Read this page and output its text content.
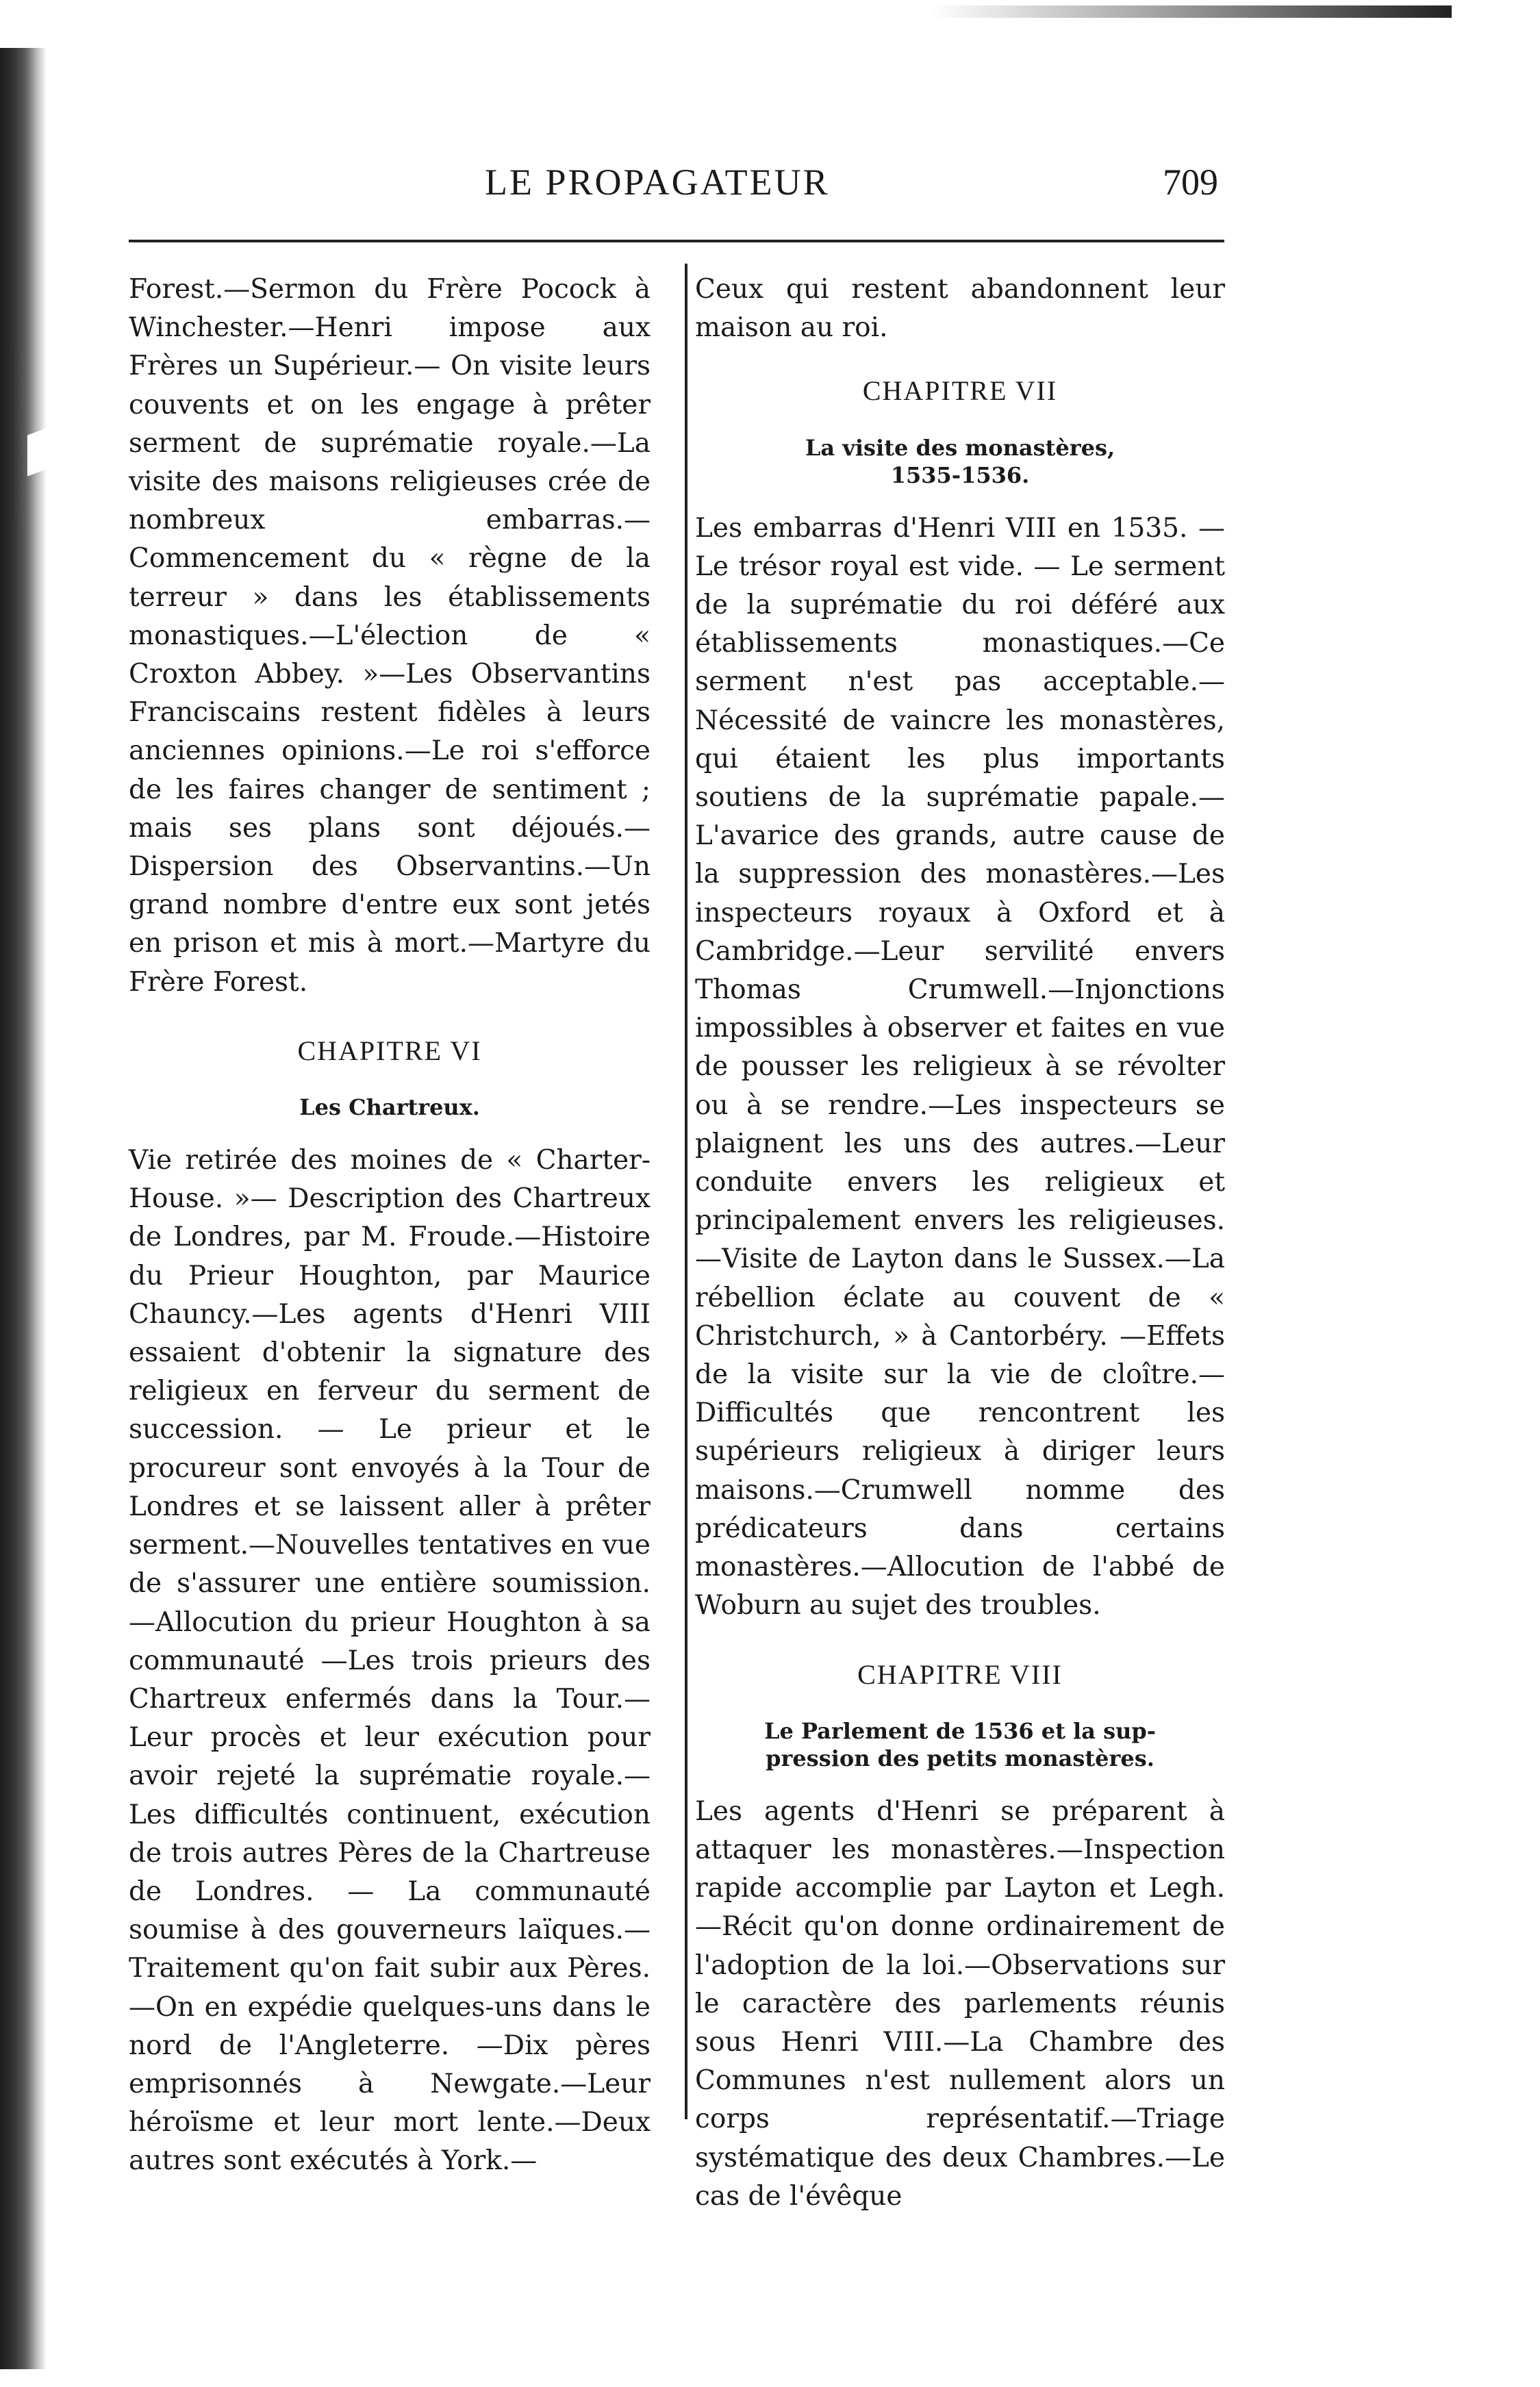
LE PROPAGATEUR	709

Forest.—Sermon du Frère Pocock à Winchester.—Henri impose aux Frères un Supérieur.— On visite leurs couvents et on les engage à prêter serment de suprématie royale.—La visite des maisons religieuses crée de nombreux embarras.—Commencement du « règne de la terreur » dans les établissements monastiques.—L'élection de « Croxton Abbey. »—Les Observantins Franciscains restent fidèles à leurs anciennes opinions.—Le roi s'efforce de les faires changer de sentiment ; mais ses plans sont déjoués.— Dispersion des Observantins.—Un grand nombre d'entre eux sont jetés en prison et mis à mort.—Martyre du Frère Forest.

CHAPITRE VI
Les Chartreux.

Vie retirée des moines de « Charter-House. »— Description des Chartreux de Londres, par M. Froude.—Histoire du Prieur Houghton, par Maurice Chauncy.—Les agents d'Henri VIII essaient d'obtenir la signature des religieux en ferveur du serment de succession. — Le prieur et le procureur sont envoyés à la Tour de Londres et se laissent aller à prêter serment.—Nouvelles tentatives en vue de s'assurer une entière soumission.—Allocution du prieur Houghton à sa communauté —Les trois prieurs des Chartreux enfermés dans la Tour.—Leur procès et leur exécution pour avoir rejeté la suprématie royale.—Les difficultés continuent, exécution de trois autres Pères de la Chartreuse de Londres. — La communauté soumise à des gouverneurs laïques.—Traitement qu'on fait subir aux Pères.—On en expédie quelques-uns dans le nord de l'Angleterre. —Dix pères emprisonnés à Newgate.—Leur héroïsme et leur mort lente.—Deux autres sont exécutés à York.—

Ceux qui restent abandonnent leur maison au roi.

CHAPITRE VII
La visite des monastères,
1535-1536.

Les embarras d'Henri VIII en 1535. —Le trésor royal est vide. — Le serment de la suprématie du roi déféré aux établissements monastiques.—Ce serment n'est pas acceptable.—Nécessité de vaincre les monastères, qui étaient les plus importants soutiens de la suprématie papale.—L'avarice des grands, autre cause de la suppression des monastères.—Les inspecteurs royaux à Oxford et à Cambridge.—Leur servilité envers Thomas Crumwell.—Injonctions impossibles à observer et faites en vue de pousser les religieux à se révolter ou à se rendre.—Les inspecteurs se plaignent les uns des autres.—Leur conduite envers les religieux et principalement envers les religieuses.—Visite de Layton dans le Sussex.—La rébellion éclate au couvent de « Christchurch, » à Cantorbéry. —Effets de la visite sur la vie de cloître.— Difficultés que rencontrent les supérieurs religieux à diriger leurs maisons.—Crumwell nomme des prédicateurs dans certains monastères.—Allocution de l'abbé de Woburn au sujet des troubles.

CHAPITRE VIII
Le Parlement de 1536 et la sup-
pression des petits monastères.

Les agents d'Henri se préparent à attaquer les monastères.—Inspection rapide accomplie par Layton et Legh. —Récit qu'on donne ordinairement de l'adoption de la loi.—Observations sur le caractère des parlements réunis sous Henri VIII.—La Chambre des Communes n'est nullement alors un corps représentatif.—Triage systématique des deux Chambres.—Le cas de l'évêque
